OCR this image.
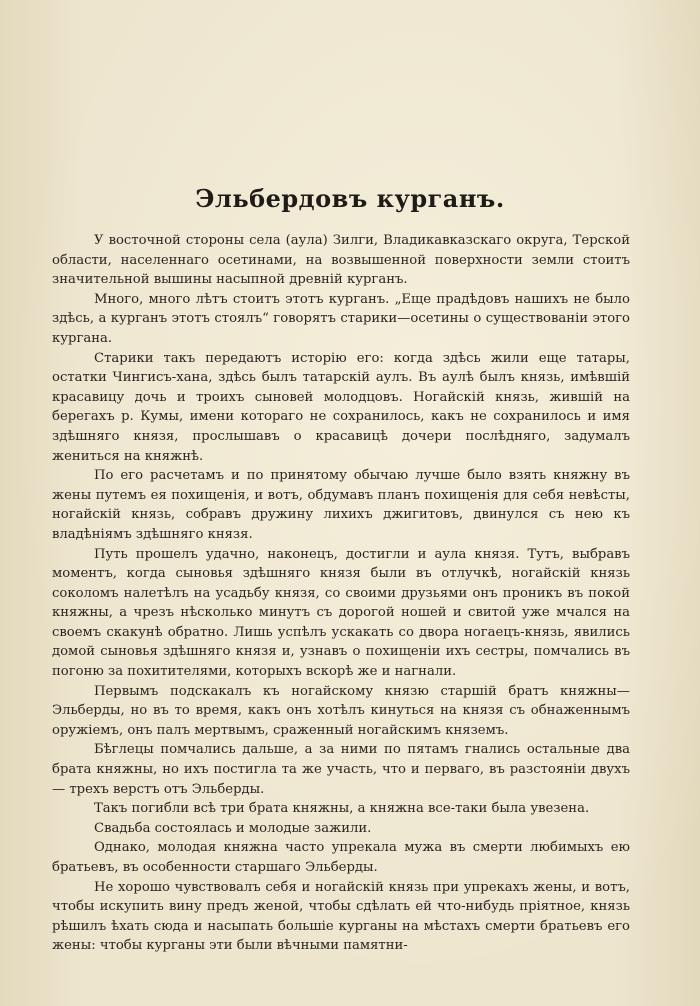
Эльбердовъ курганъ.

У восточной стороны села (аула) Зилги, Владикавказскаго округа, Терской области, населеннаго осетинами, на возвышенной поверхности земли стоитъ значительной вышины насыпной древній курганъ.

Много, много лѣтъ стоитъ этотъ курганъ. „Еще прадѣдовъ нашихъ не было здѣсь, а курганъ этотъ стоялъ“ говорятъ старики—осетины о существованіи этого кургана.

Старики такъ передаютъ исторію его: когда здѣсь жили еще татары, остатки Чингисъ-хана, здѣсь былъ татарскій аулъ. Въ аулѣ былъ князь, имѣвшій красавицу дочь и троихъ сыновей молодцовъ. Ногайскій князь, жившій на берегахъ р. Кумы, имени котораго не сохранилось, какъ не сохранилось и имя здѣшняго князя, прослышавъ о красавицѣ дочери послѣдняго, задумалъ жениться на княжнѣ.

По его расчетамъ и по принятому обычаю лучше было взять княжну въ жены путемъ ея похищенія, и вотъ, обдумавъ планъ похищенія для себя невѣсты, ногайскій князь, собравъ дружину лихихъ джигитовъ, двинулся съ нею къ владѣніямъ здѣшняго князя.

Путь прошелъ удачно, наконецъ, достигли и аула князя. Тутъ, выбравъ моментъ, когда сыновья здѣшняго князя были въ отлучкѣ, ногайскій князь соколомъ налетѣлъ на усадьбу князя, со своими друзьями онъ проникъ въ покой княжны, а чрезъ нѣсколько минутъ съ дорогой ношей и свитой уже мчался на своемъ скакунѣ обратно. Лишь успѣлъ ускакать со двора ногаецъ-князь, явились домой сыновья здѣшняго князя и, узнавъ о похищеніи ихъ сестры, помчались въ погоню за похитителями, которыхъ вскорѣ же и нагнали.

Первымъ подскакалъ къ ногайскому князю старшій братъ княжны—Эльберды, но въ то время, какъ онъ хотѣлъ кинуться на князя съ обнаженнымъ оружіемъ, онъ палъ мертвымъ, сраженный ногайскимъ княземъ.

Бѣглецы помчались дальше, а за ними по пятамъ гнались остальные два брата княжны, но ихъ постигла та же участь, что и перваго, въ разстояніи двухъ— трехъ верстъ отъ Эльберды.

Такъ погибли всѣ три брата княжны, а княжна все-таки была увезена.

Свадьба состоялась и молодые зажили.

Однако, молодая княжна часто упрекала мужа въ смерти любимыхъ ею братьевъ, въ особенности старшаго Эльберды.

Не хорошо чувствовалъ себя и ногайскій князь при упрекахъ жены, и вотъ, чтобы искупить вину предъ женой, чтобы сдѣлать ей что-нибудь пріятное, князь рѣшилъ ѣхать сюда и насыпать большіе курганы на мѣстахъ смерти братьевъ его жены: чтобы курганы эти были вѣчными памятни-
